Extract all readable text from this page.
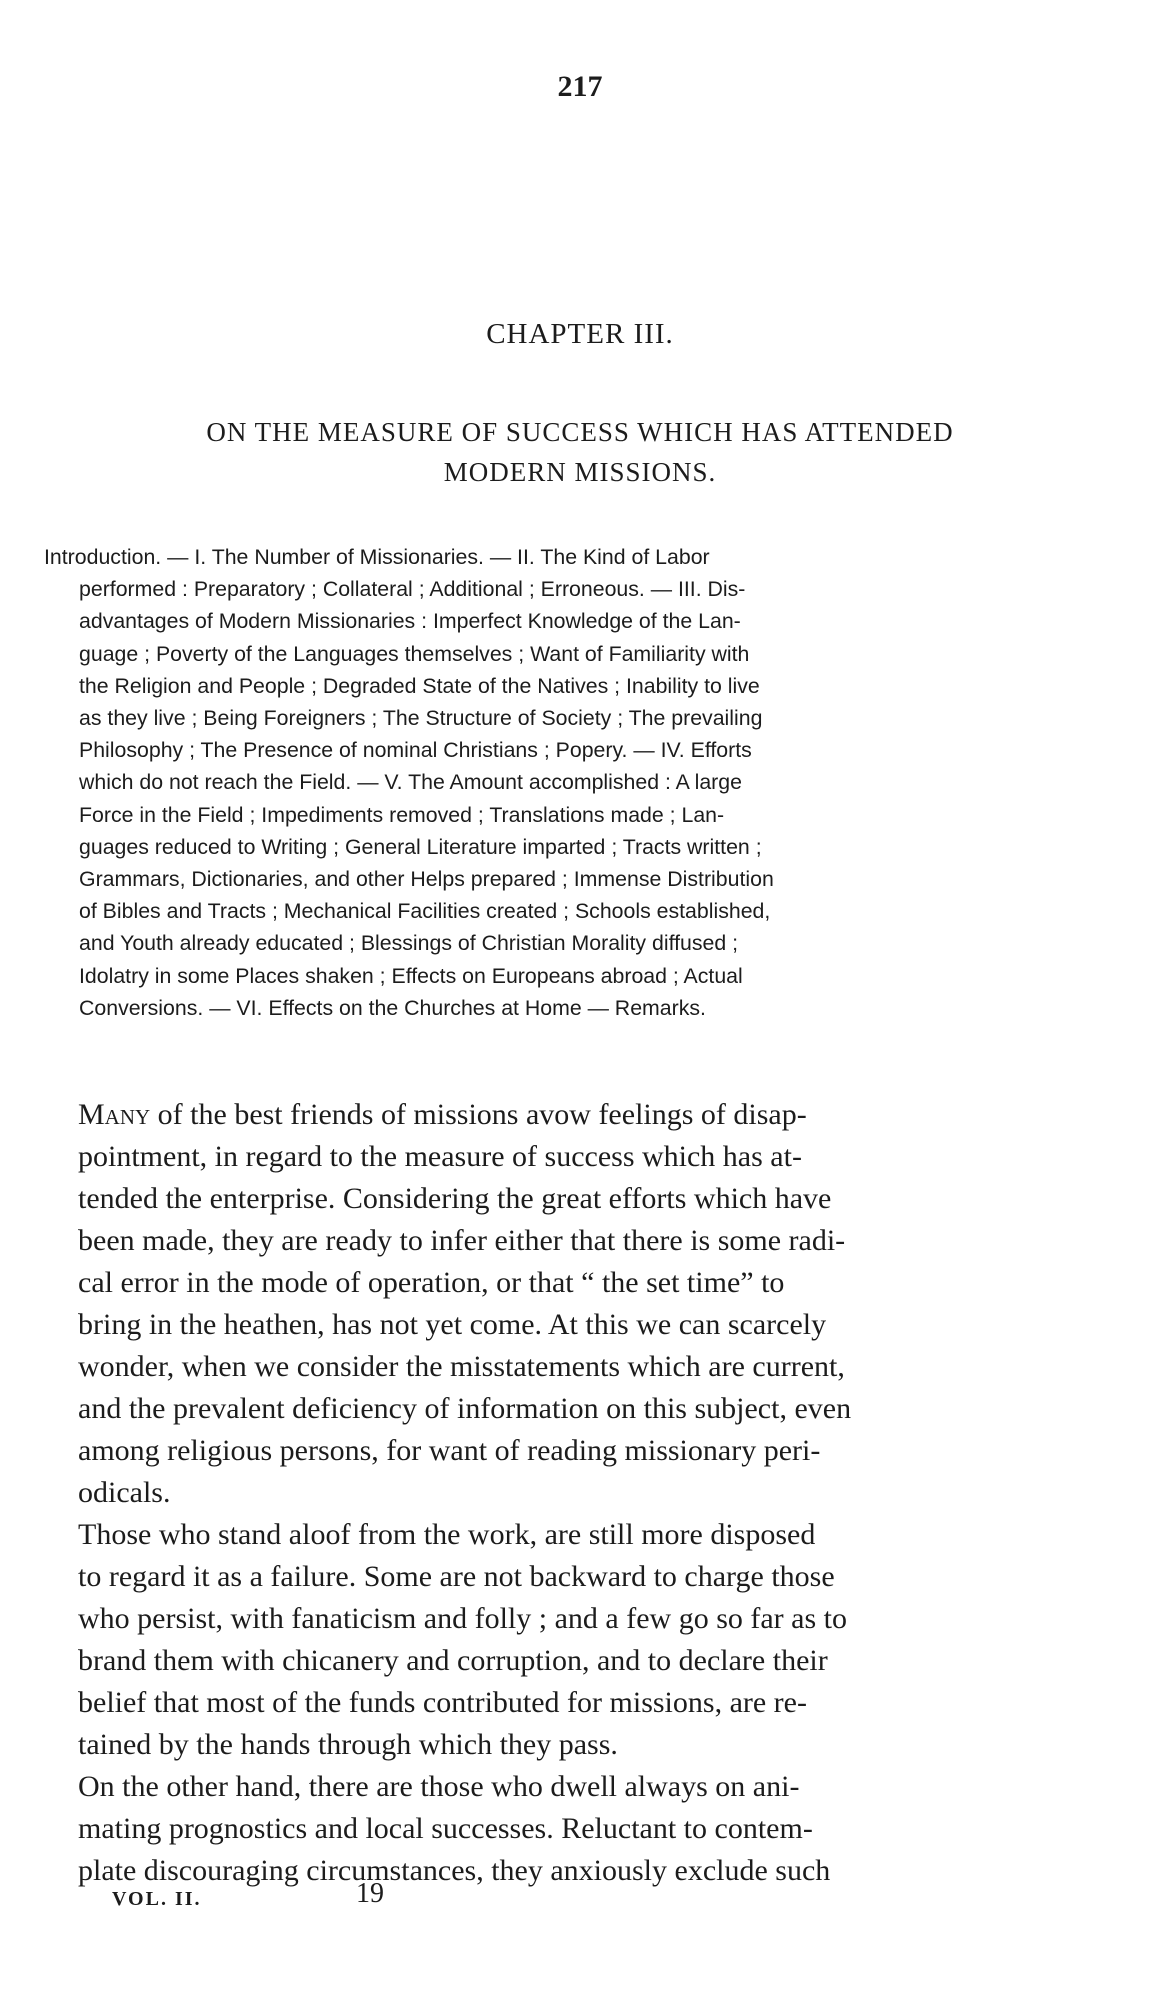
217
CHAPTER III.
ON THE MEASURE OF SUCCESS WHICH HAS ATTENDED
MODERN MISSIONS.
Introduction. — I. The Number of Missionaries. — II. The Kind of Labor
performed : Preparatory ; Collateral ; Additional ; Erroneous. — III. Dis-
advantages of Modern Missionaries : Imperfect Knowledge of the Lan-
guage ; Poverty of the Languages themselves ; Want of Familiarity with
the Religion and People ; Degraded State of the Natives ; Inability to live
as they live ; Being Foreigners ; The Structure of Society ; The prevailing
Philosophy ; The Presence of nominal Christians ; Popery. — IV. Efforts
which do not reach the Field. — V. The Amount accomplished : A large
Force in the Field ; Impediments removed ; Translations made ; Lan-
guages reduced to Writing ; General Literature imparted ; Tracts written ;
Grammars, Dictionaries, and other Helps prepared ; Immense Distribution
of Bibles and Tracts ; Mechanical Facilities created ; Schools established,
and Youth already educated ; Blessings of Christian Morality diffused ;
Idolatry in some Places shaken ; Effects on Europeans abroad ; Actual
Conversions. — VI. Effects on the Churches at Home — Remarks.
Many of the best friends of missions avow feelings of disap-
pointment, in regard to the measure of success which has at-
tended the enterprise. Considering the great efforts which have
been made, they are ready to infer either that there is some radi-
cal error in the mode of operation, or that “ the set time” to
bring in the heathen, has not yet come. At this we can scarcely
wonder, when we consider the misstatements which are current,
and the prevalent deficiency of information on this subject, even
among religious persons, for want of reading missionary peri-
odicals.
Those who stand aloof from the work, are still more disposed
to regard it as a failure. Some are not backward to charge those
who persist, with fanaticism and folly ; and a few go so far as to
brand them with chicanery and corruption, and to declare their
belief that most of the funds contributed for missions, are re-
tained by the hands through which they pass.
On the other hand, there are those who dwell always on ani-
mating prognostics and local successes. Reluctant to contem-
plate discouraging circumstances, they anxiously exclude such
VOL. II.	19
